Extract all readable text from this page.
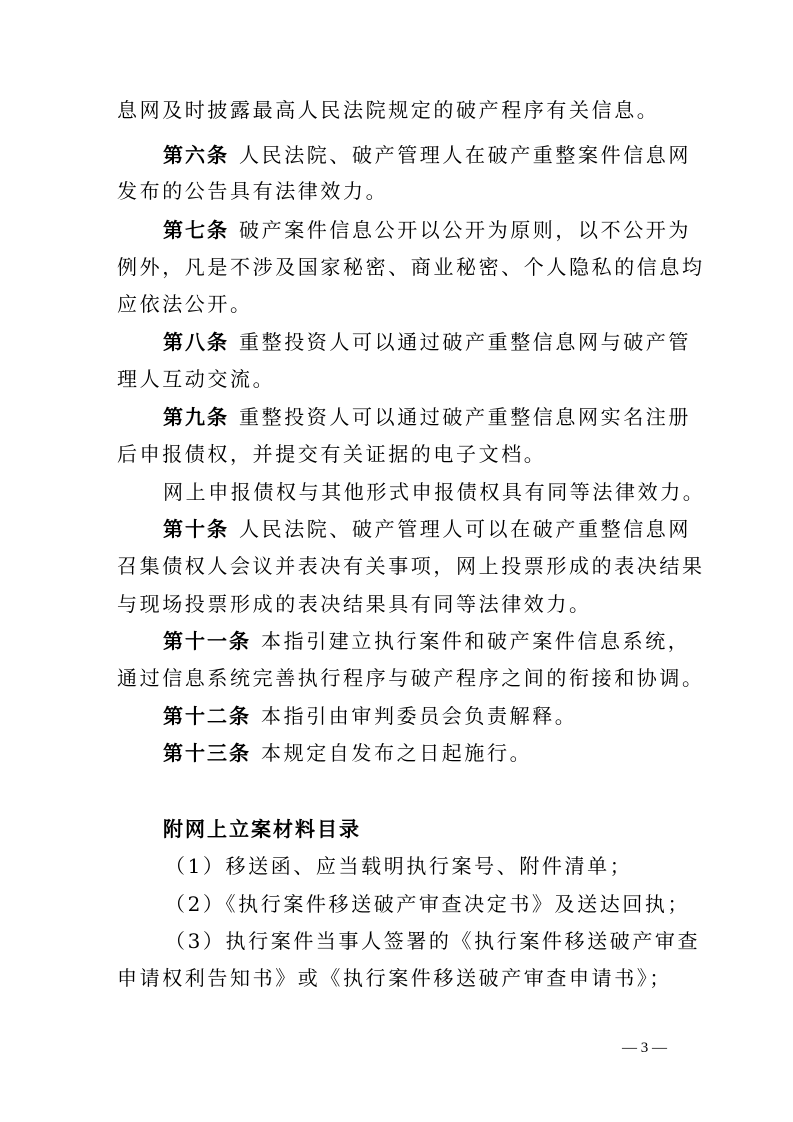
息网及时披露最高人民法院规定的破产程序有关信息。
第六条 人民法院、破产管理人在破产重整案件信息网
发布的公告具有法律效力。
第七条 破产案件信息公开以公开为原则，以不公开为
例外，凡是不涉及国家秘密、商业秘密、个人隐私的信息均
应依法公开。
第八条 重整投资人可以通过破产重整信息网与破产管
理人互动交流。
第九条 重整投资人可以通过破产重整信息网实名注册
后申报债权，并提交有关证据的电子文档。
网上申报债权与其他形式申报债权具有同等法律效力。
第十条 人民法院、破产管理人可以在破产重整信息网
召集债权人会议并表决有关事项，网上投票形成的表决结果
与现场投票形成的表决结果具有同等法律效力。
第十一条 本指引建立执行案件和破产案件信息系统，
通过信息系统完善执行程序与破产程序之间的衔接和协调。
第十二条 本指引由审判委员会负责解释。
第十三条 本规定自发布之日起施行。
附网上立案材料目录
（1）移送函、应当载明执行案号、附件清单；
（2）《执行案件移送破产审查决定书》及送达回执；
（3）执行案件当事人签署的《执行案件移送破产审查
申请权利告知书》或《执行案件移送破产审查申请书》；
— 3 —
